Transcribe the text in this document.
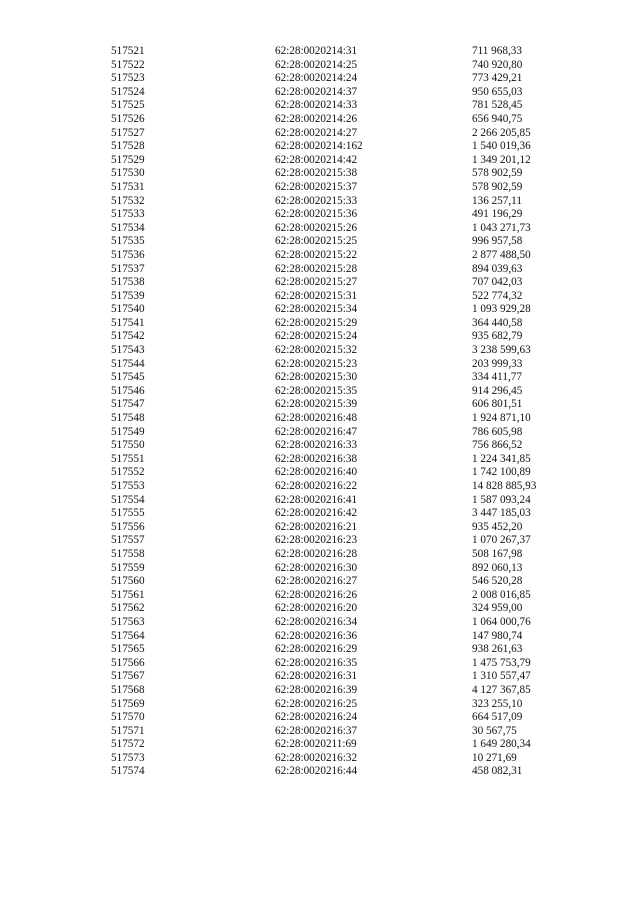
517521	62:28:0020214:31	711 968,33
517522	62:28:0020214:25	740 920,80
517523	62:28:0020214:24	773 429,21
517524	62:28:0020214:37	950 655,03
517525	62:28:0020214:33	781 528,45
517526	62:28:0020214:26	656 940,75
517527	62:28:0020214:27	2 266 205,85
517528	62:28:0020214:162	1 540 019,36
517529	62:28:0020214:42	1 349 201,12
517530	62:28:0020215:38	578 902,59
517531	62:28:0020215:37	578 902,59
517532	62:28:0020215:33	136 257,11
517533	62:28:0020215:36	491 196,29
517534	62:28:0020215:26	1 043 271,73
517535	62:28:0020215:25	996 957,58
517536	62:28:0020215:22	2 877 488,50
517537	62:28:0020215:28	894 039,63
517538	62:28:0020215:27	707 042,03
517539	62:28:0020215:31	522 774,32
517540	62:28:0020215:34	1 093 929,28
517541	62:28:0020215:29	364 440,58
517542	62:28:0020215:24	935 682,79
517543	62:28:0020215:32	3 238 599,63
517544	62:28:0020215:23	203 999,33
517545	62:28:0020215:30	334 411,77
517546	62:28:0020215:35	914 296,45
517547	62:28:0020215:39	606 801,51
517548	62:28:0020216:48	1 924 871,10
517549	62:28:0020216:47	786 605,98
517550	62:28:0020216:33	756 866,52
517551	62:28:0020216:38	1 224 341,85
517552	62:28:0020216:40	1 742 100,89
517553	62:28:0020216:22	14 828 885,93
517554	62:28:0020216:41	1 587 093,24
517555	62:28:0020216:42	3 447 185,03
517556	62:28:0020216:21	935 452,20
517557	62:28:0020216:23	1 070 267,37
517558	62:28:0020216:28	508 167,98
517559	62:28:0020216:30	892 060,13
517560	62:28:0020216:27	546 520,28
517561	62:28:0020216:26	2 008 016,85
517562	62:28:0020216:20	324 959,00
517563	62:28:0020216:34	1 064 000,76
517564	62:28:0020216:36	147 980,74
517565	62:28:0020216:29	938 261,63
517566	62:28:0020216:35	1 475 753,79
517567	62:28:0020216:31	1 310 557,47
517568	62:28:0020216:39	4 127 367,85
517569	62:28:0020216:25	323 255,10
517570	62:28:0020216:24	664 517,09
517571	62:28:0020216:37	30 567,75
517572	62:28:0020211:69	1 649 280,34
517573	62:28:0020216:32	10 271,69
517574	62:28:0020216:44	458 082,31
